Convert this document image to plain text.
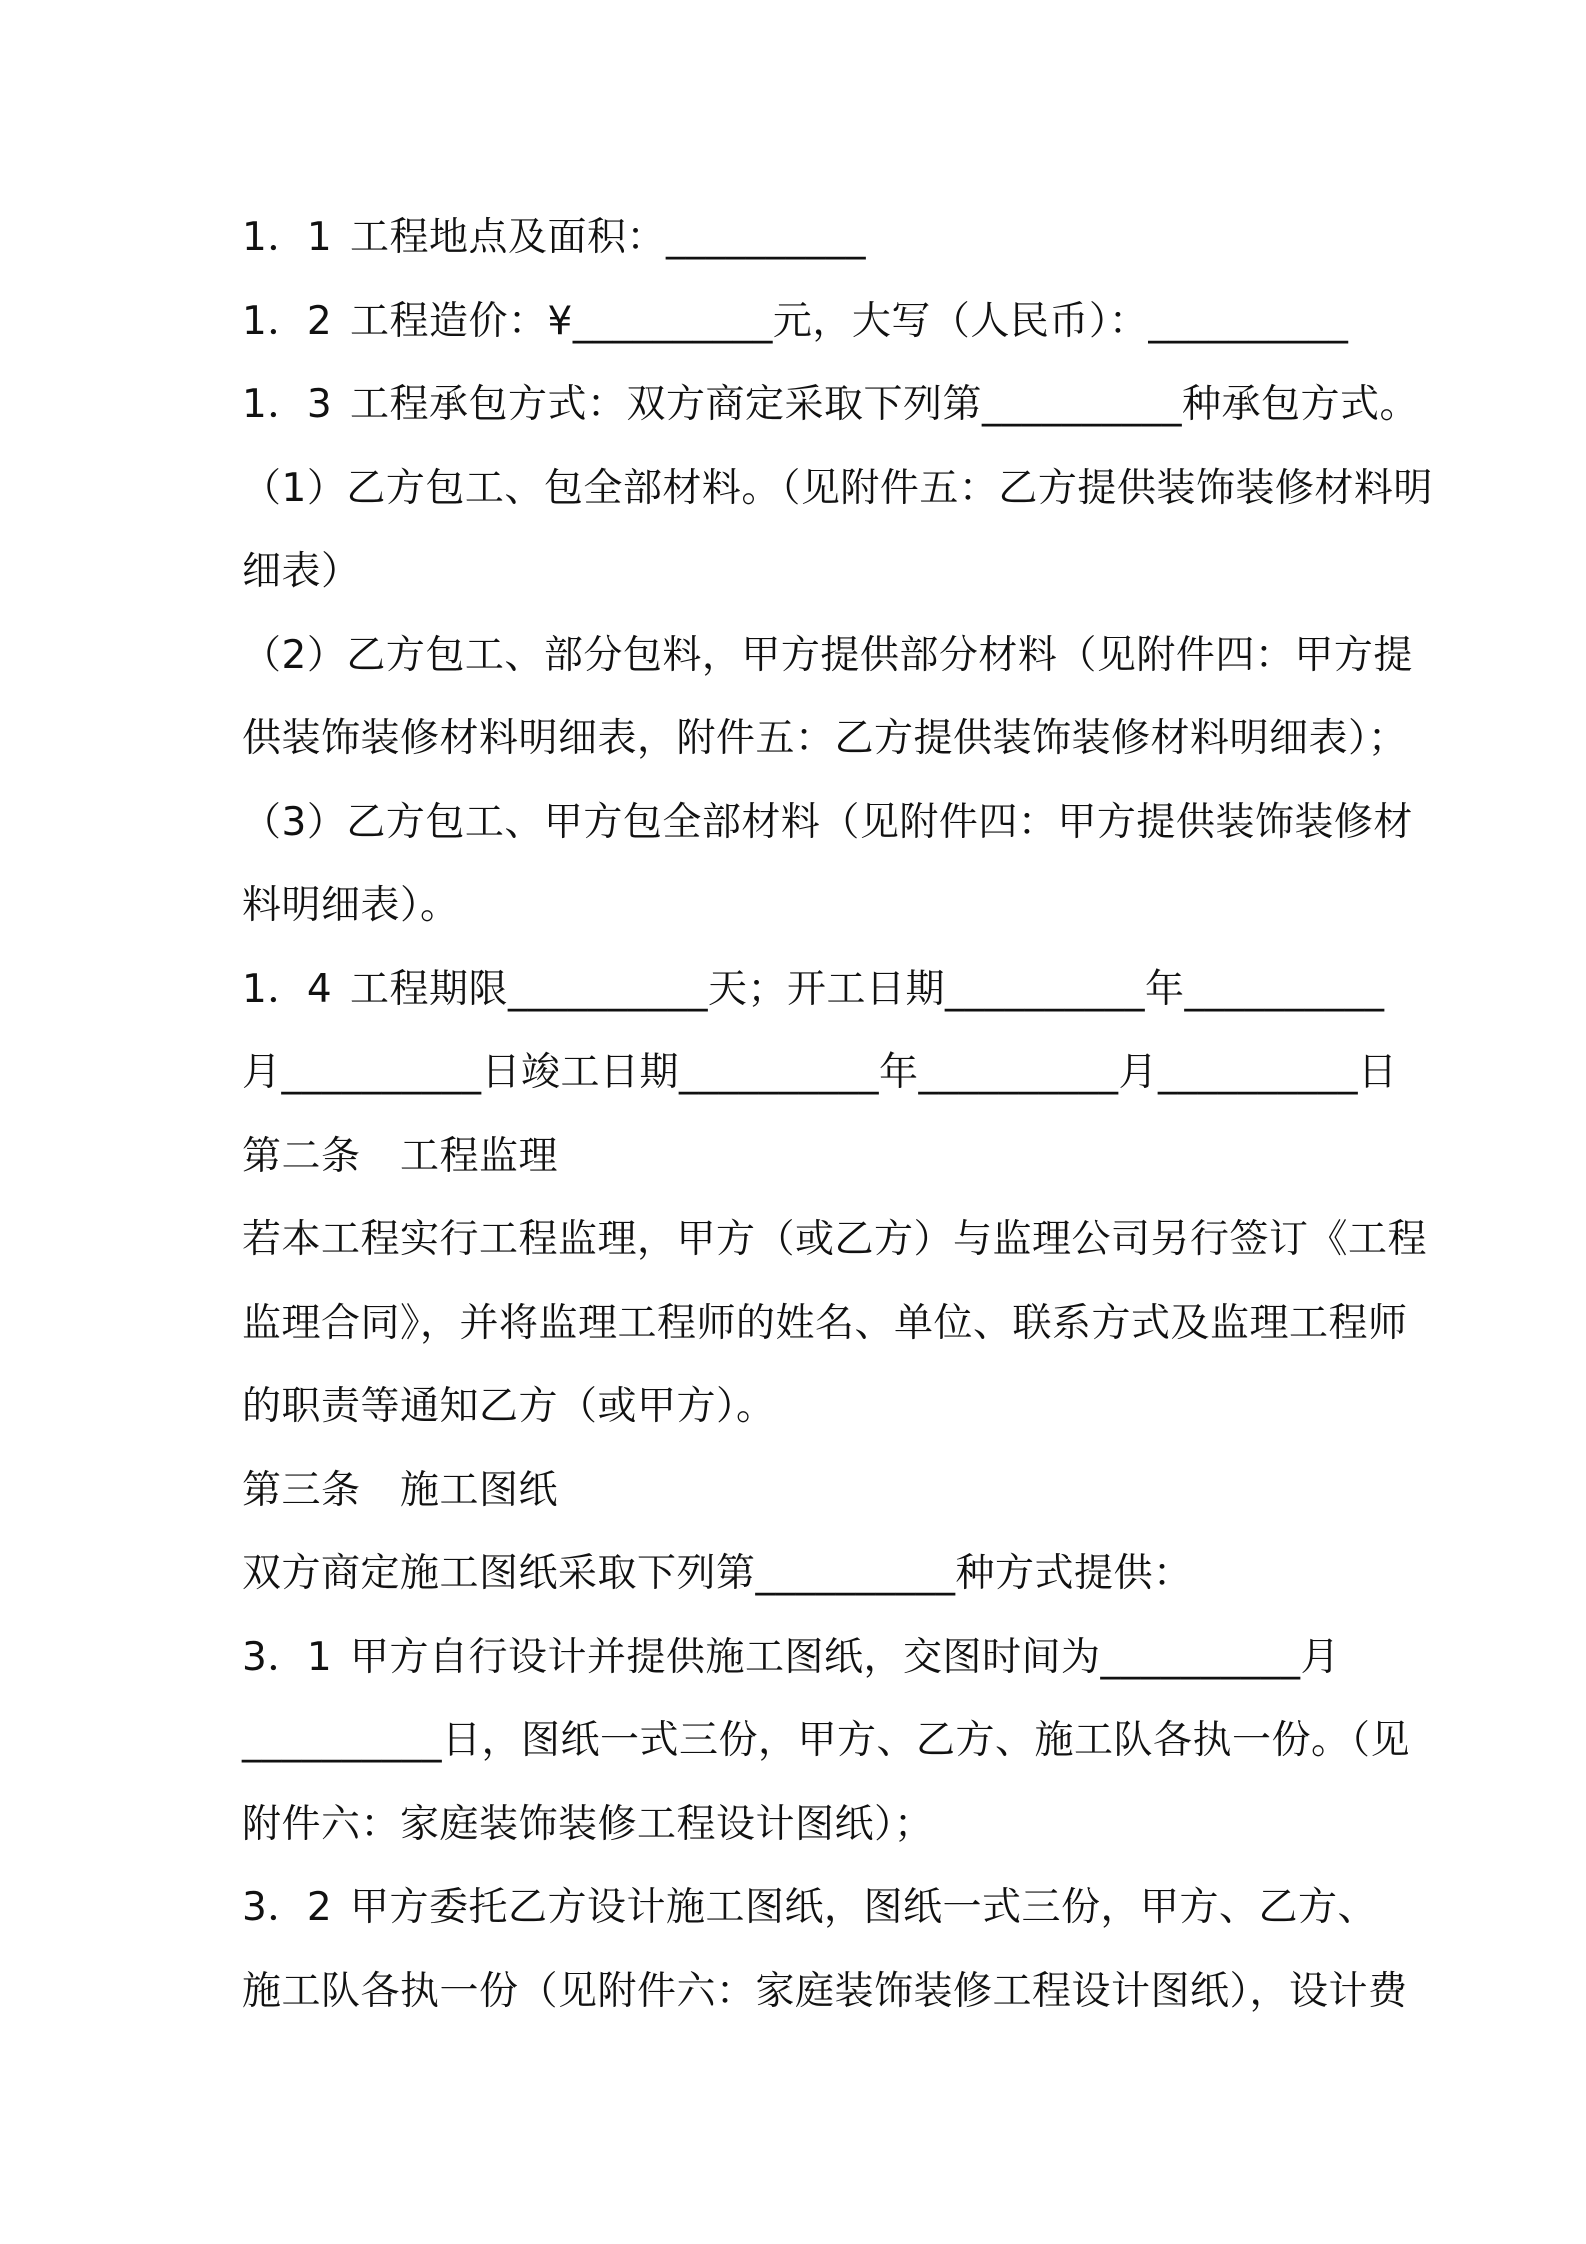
1．1 工程地点及面积：__________
1．2 工程造价：¥__________元，大写（人民币）：__________
1．3 工程承包方式：双方商定采取下列第__________种承包方式。
（1）乙方包工、包全部材料。（见附件五：乙方提供装饰装修材料明
细表）
（2）乙方包工、部分包料，甲方提供部分材料（见附件四：甲方提
供装饰装修材料明细表，附件五：乙方提供装饰装修材料明细表）；
（3）乙方包工、甲方包全部材料（见附件四：甲方提供装饰装修材
料明细表）。
1．4 工程期限__________天；开工日期__________年__________
月__________日竣工日期__________年__________月__________日
第二条　工程监理
若本工程实行工程监理，甲方（或乙方）与监理公司另行签订《工程
监理合同》，并将监理工程师的姓名、单位、联系方式及监理工程师
的职责等通知乙方（或甲方）。
第三条　施工图纸
双方商定施工图纸采取下列第__________种方式提供：
3．1 甲方自行设计并提供施工图纸，交图时间为__________月
__________日，图纸一式三份，甲方、乙方、施工队各执一份。（见
附件六：家庭装饰装修工程设计图纸）；
3．2 甲方委托乙方设计施工图纸，图纸一式三份，甲方、乙方、
施工队各执一份（见附件六：家庭装饰装修工程设计图纸），设计费
